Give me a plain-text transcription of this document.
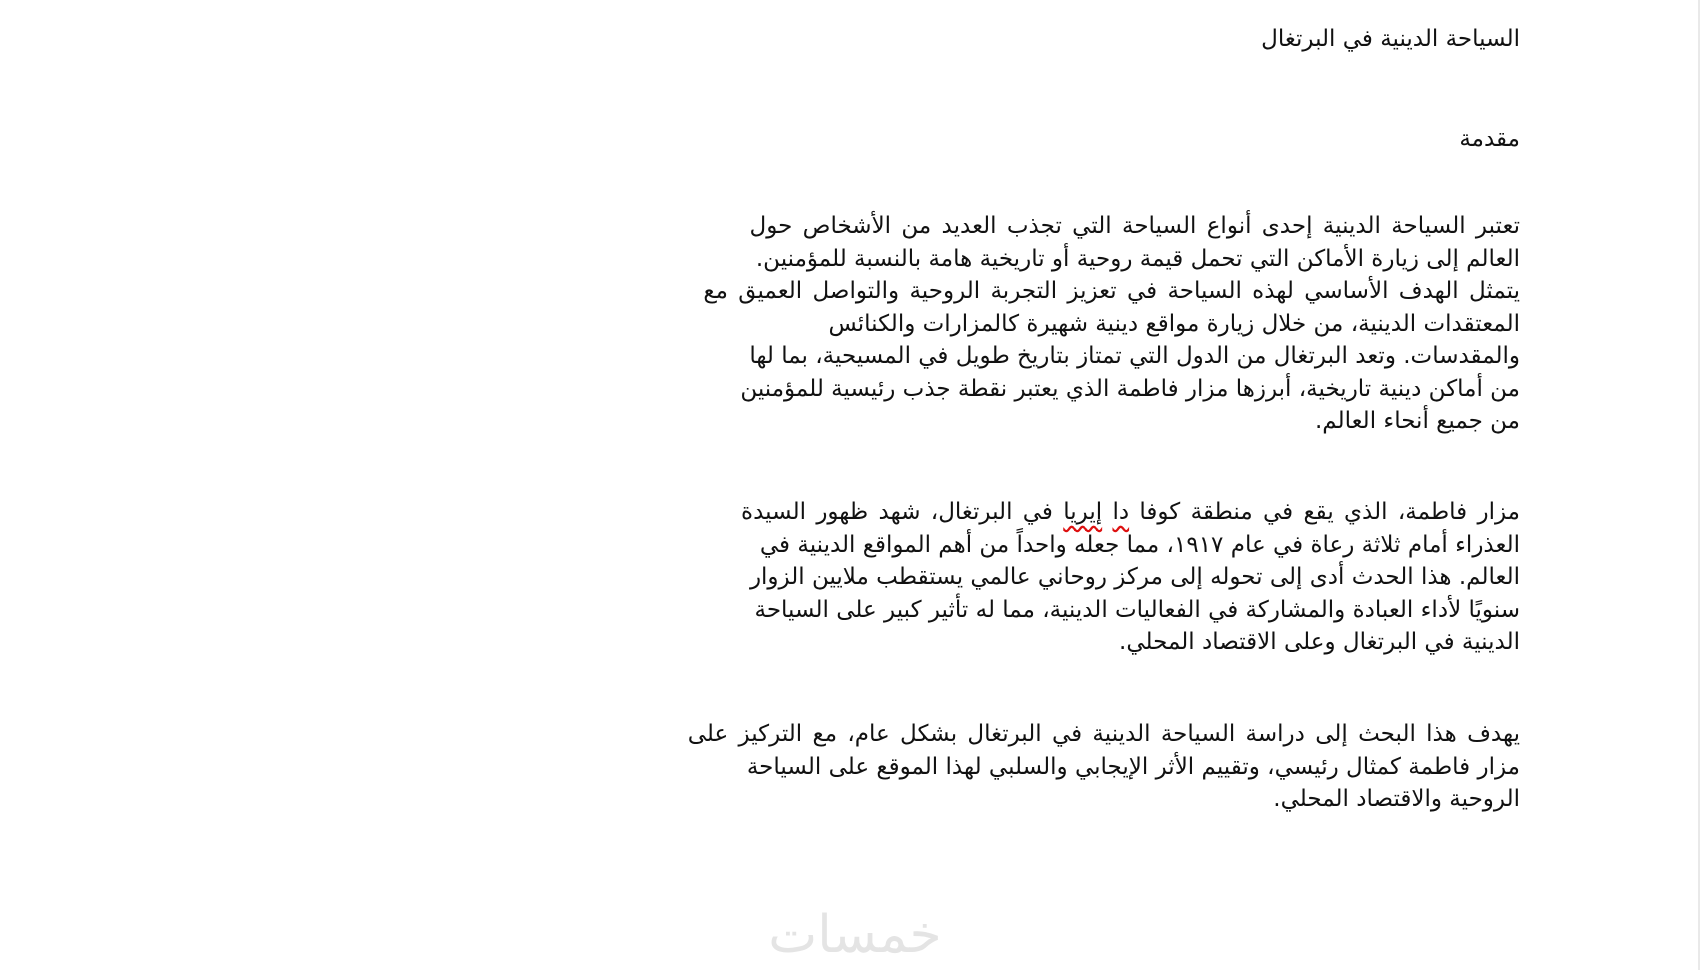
السياحة الدينية في البرتغال
مقدمة

تعتبر السياحة الدينية إحدى أنواع السياحة التي تجذب العديد من الأشخاص حول
العالم إلى زيارة الأماكن التي تحمل قيمة روحية أو تاريخية هامة بالنسبة للمؤمنين.
يتمثل الهدف الأساسي لهذه السياحة في تعزيز التجربة الروحية والتواصل العميق مع
المعتقدات الدينية، من خلال زيارة مواقع دينية شهيرة كالمزارات والكنائس
والمقدسات. وتعد البرتغال من الدول التي تمتاز بتاريخ طويل في المسيحية، بما لها
من أماكن دينية تاريخية، أبرزها مزار فاطمة الذي يعتبر نقطة جذب رئيسية للمؤمنين
من جميع أنحاء العالم.

مزار فاطمة، الذي يقع في منطقة كوفا دا إيريا في البرتغال، شهد ظهور السيدة
العذراء أمام ثلاثة رعاة في عام ١٩١٧، مما جعله واحداً من أهم المواقع الدينية في
العالم. هذا الحدث أدى إلى تحوله إلى مركز روحاني عالمي يستقطب ملايين الزوار
سنويًا لأداء العبادة والمشاركة في الفعاليات الدينية، مما له تأثير كبير على السياحة
الدينية في البرتغال وعلى الاقتصاد المحلي.

يهدف هذا البحث إلى دراسة السياحة الدينية في البرتغال بشكل عام، مع التركيز على
مزار فاطمة كمثال رئيسي، وتقييم الأثر الإيجابي والسلبي لهذا الموقع على السياحة
الروحية والاقتصاد المحلي.

خمسات
